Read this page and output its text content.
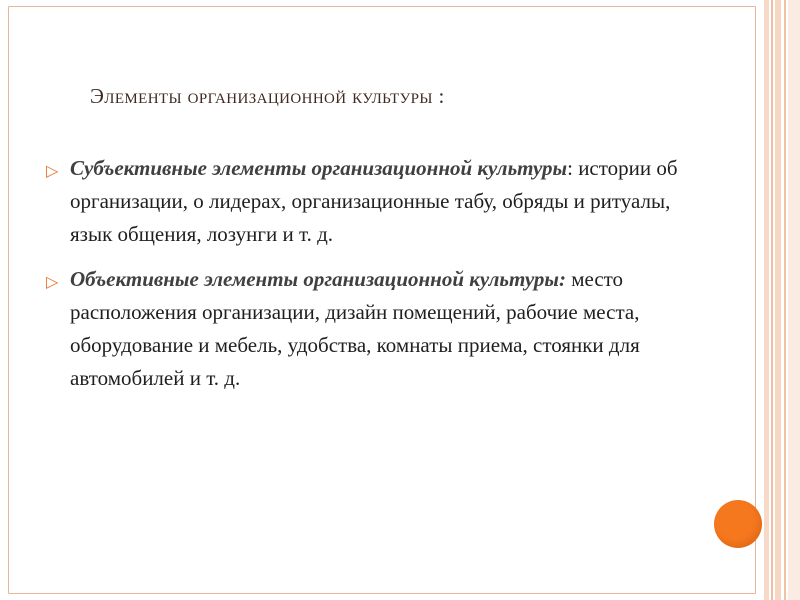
Элементы организационной культуры :
▷ Субъективные элементы организационной культуры: истории об организации, о лидерах, организационные табу, обряды и ритуалы, язык общения, лозунги и т. д.
▷ Объективные элементы организационной культуры: место расположения организации, дизайн помещений, рабочие места, оборудование и мебель, удобства, комнаты приема, стоянки для автомобилей и т. д.
